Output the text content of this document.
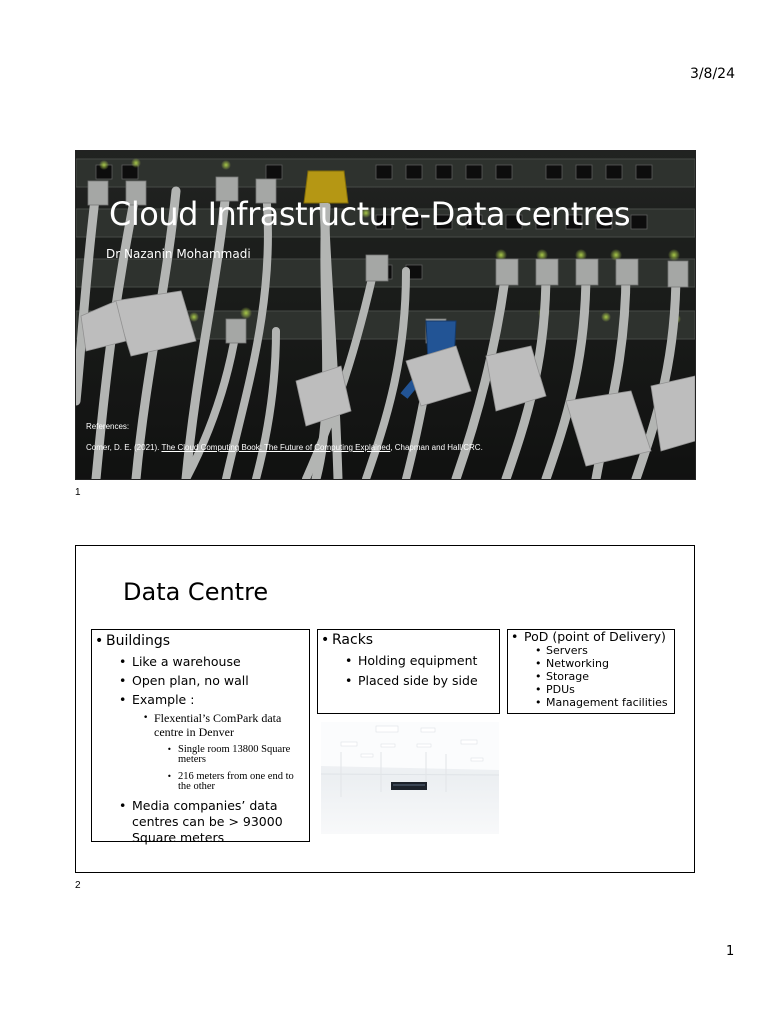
3/8/24
Cloud Infrastructure-Data centres
Dr Nazanin Mohammadi
References:
Comer, D. E. (2021). The Cloud Computing Book: The Future of Computing Explained, Chapman and Hall/CRC.
1
Data Centre
• Buildings
• Like a warehouse
• Open plan, no wall
• Example :
• Flexential’s ComPark data centre in Denver
• Single room 13800 Square meters
• 216 meters from one end to the other
• Media companies’ data centres can be > 93000 Square meters
• Racks
• Holding equipment
• Placed side by side
• PoD (point of Delivery)
• Servers
• Networking
• Storage
• PDUs
• Management facilities
2
1
